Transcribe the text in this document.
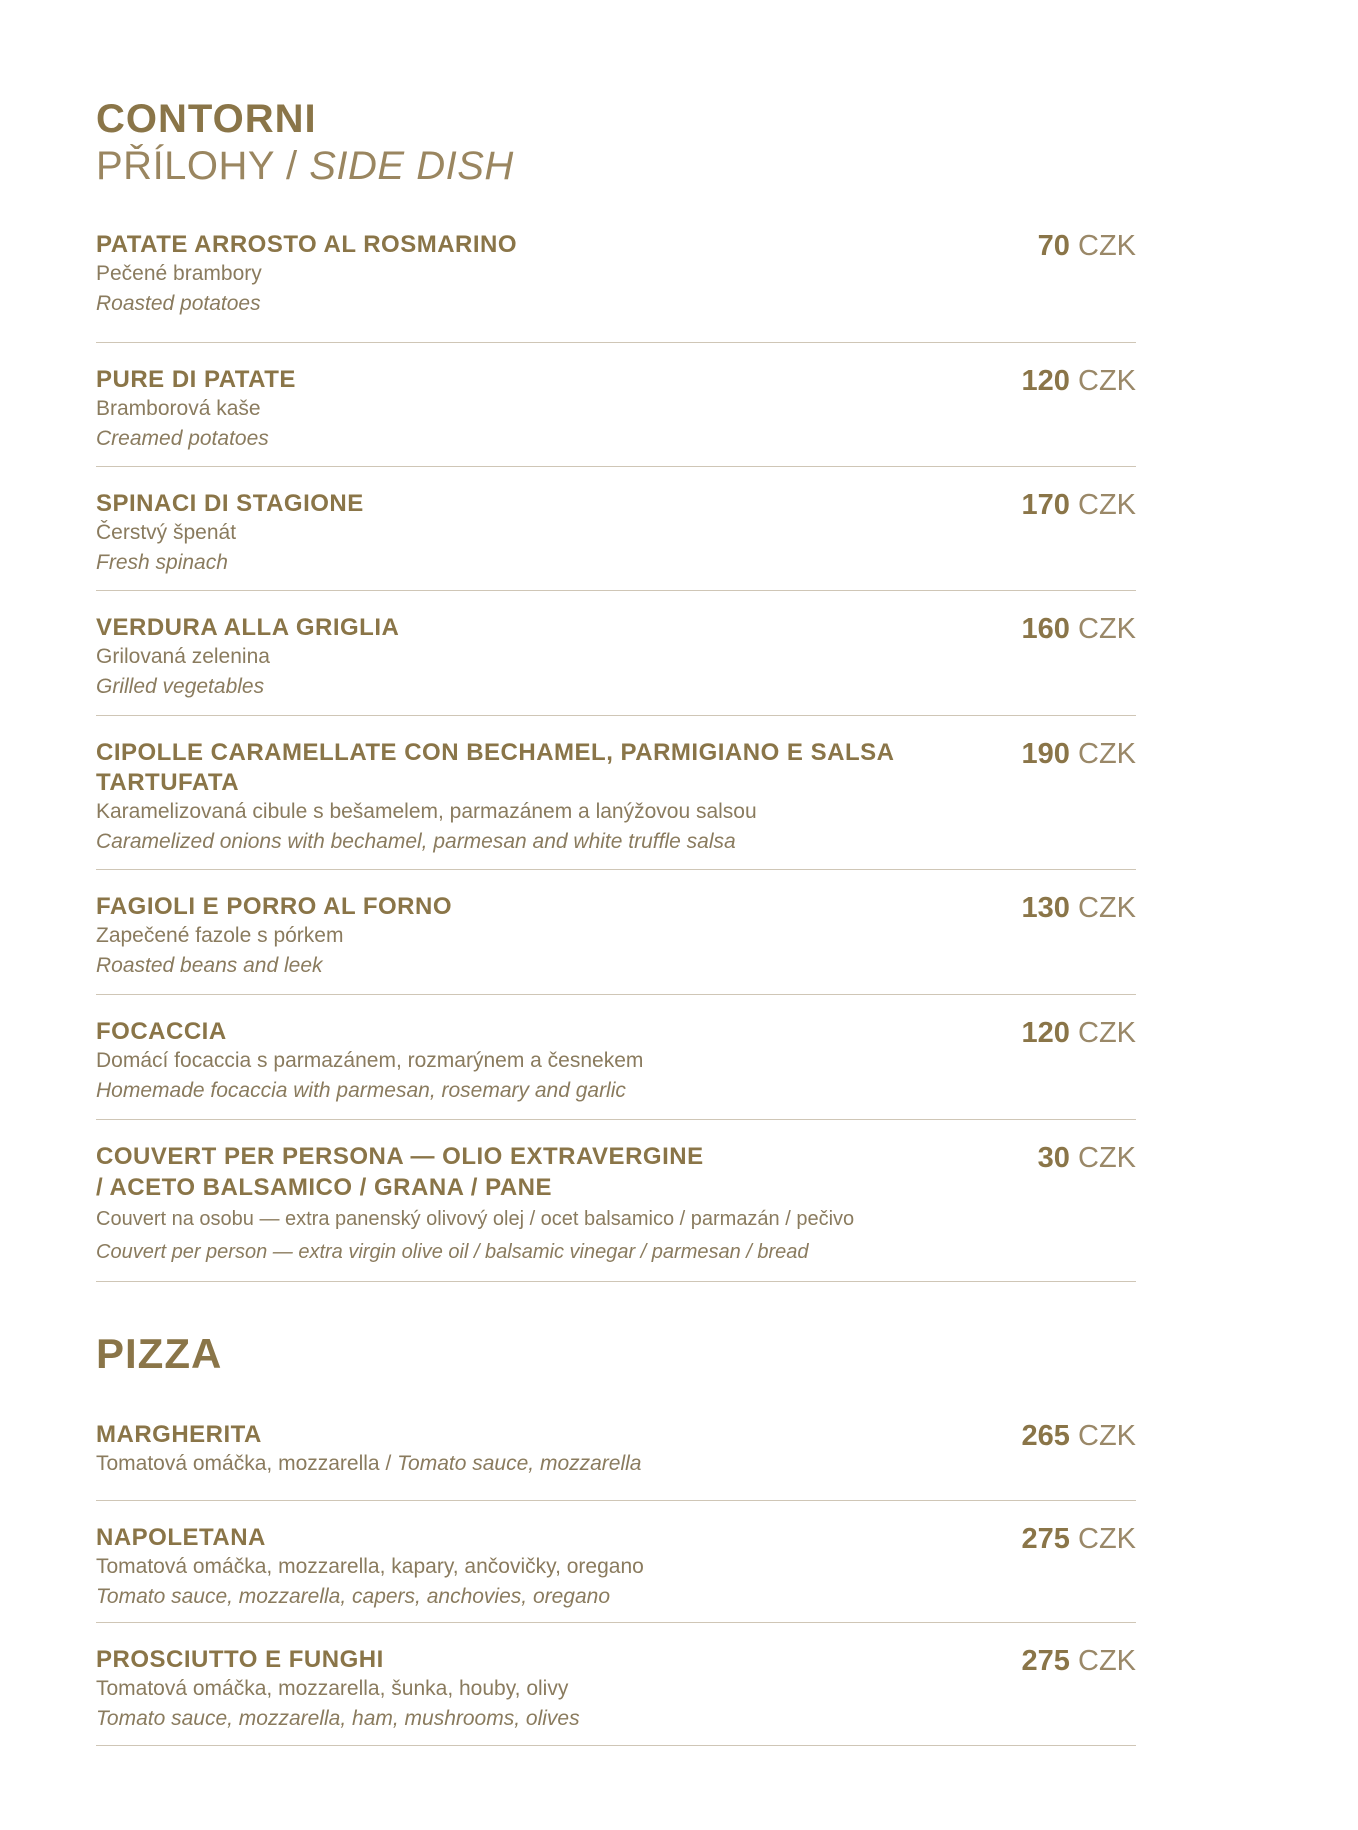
CONTORNI
PŘÍLOHY / SIDE DISH
70 CZK
PATATE ARROSTO AL ROSMARINO
Pečené brambory
Roasted potatoes
120 CZK
PURE DI PATATE
Bramborová kaše
Creamed potatoes
170 CZK
SPINACI DI STAGIONE
Čerstvý špenát
Fresh spinach
160 CZK
VERDURA ALLA GRIGLIA
Grilovaná zelenina
Grilled vegetables
190 CZK
CIPOLLE CARAMELLATE CON BECHAMEL, PARMIGIANO E SALSA TARTUFATA
Karamelizovaná cibule s bešamelem, parmazánem a lanýžovou salsou
Caramelized onions with bechamel, parmesan and white truffle salsa
130 CZK
FAGIOLI E PORRO AL FORNO
Zapečené fazole s pórkem
Roasted beans and leek
120 CZK
FOCACCIA
Domácí focaccia s parmazánem, rozmarýnem a česnekem
Homemade focaccia with parmesan, rosemary and garlic
30 CZK
COUVERT PER PERSONA — OLIO EXTRAVERGINE
/ ACETO BALSAMICO / GRANA / PANE
Couvert na osobu — extra panenský olivový olej / ocet balsamico / parmazán / pečivo
Couvert per person — extra virgin olive oil / balsamic vinegar / parmesan / bread
PIZZA
265 CZK
MARGHERITA
Tomatová omáčka, mozzarella / Tomato sauce, mozzarella
275 CZK
NAPOLETANA
Tomatová omáčka, mozzarella, kapary, ančovičky, oregano
Tomato sauce, mozzarella, capers, anchovies, oregano
275 CZK
PROSCIUTTO E FUNGHI
Tomatová omáčka, mozzarella, šunka, houby, olivy
Tomato sauce, mozzarella, ham, mushrooms, olives
